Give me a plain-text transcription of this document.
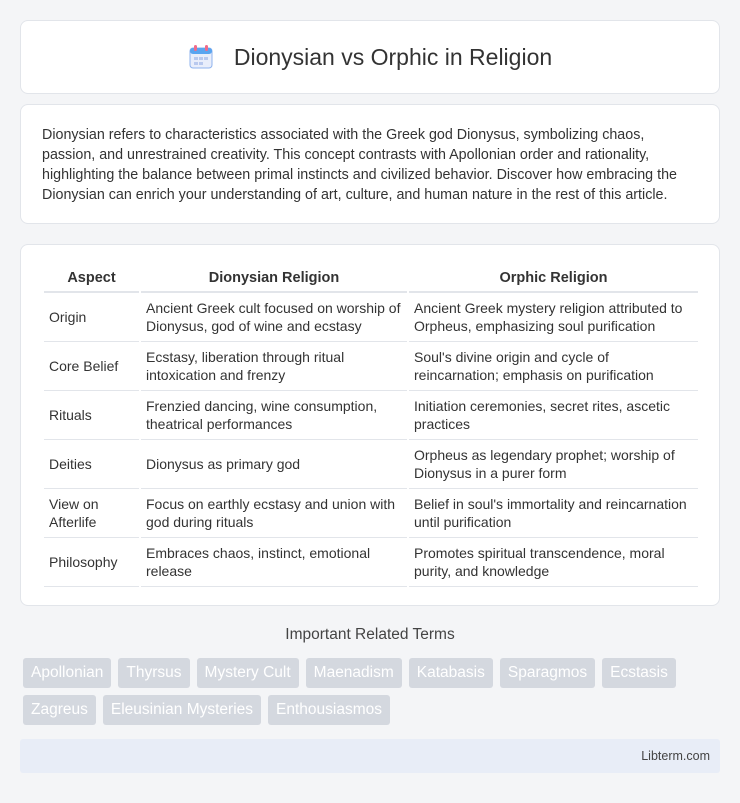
Dionysian vs Orphic in Religion

Dionysian refers to characteristics associated with the Greek god Dionysus, symbolizing chaos, passion, and unrestrained creativity. This concept contrasts with Apollonian order and rationality, highlighting the balance between primal instincts and civilized behavior. Discover how embracing the Dionysian can enrich your understanding of art, culture, and human nature in the rest of this article.

Aspect	Dionysian Religion	Orphic Religion
Origin	Ancient Greek cult focused on worship of Dionysus, god of wine and ecstasy	Ancient Greek mystery religion attributed to Orpheus, emphasizing soul purification
Core Belief	Ecstasy, liberation through ritual intoxication and frenzy	Soul's divine origin and cycle of reincarnation; emphasis on purification
Rituals	Frenzied dancing, wine consumption, theatrical performances	Initiation ceremonies, secret rites, ascetic practices
Deities	Dionysus as primary god	Orpheus as legendary prophet; worship of Dionysus in a purer form
View on Afterlife	Focus on earthly ecstasy and union with god during rituals	Belief in soul's immortality and reincarnation until purification
Philosophy	Embraces chaos, instinct, emotional release	Promotes spiritual transcendence, moral purity, and knowledge
Important Related Terms
Apollonian	Thyrsus	Mystery Cult	Maenadism	Katabasis	Sparagmos	Ecstasis
Zagreus	Eleusinian Mysteries	Enthousiasmos
Libterm.com
